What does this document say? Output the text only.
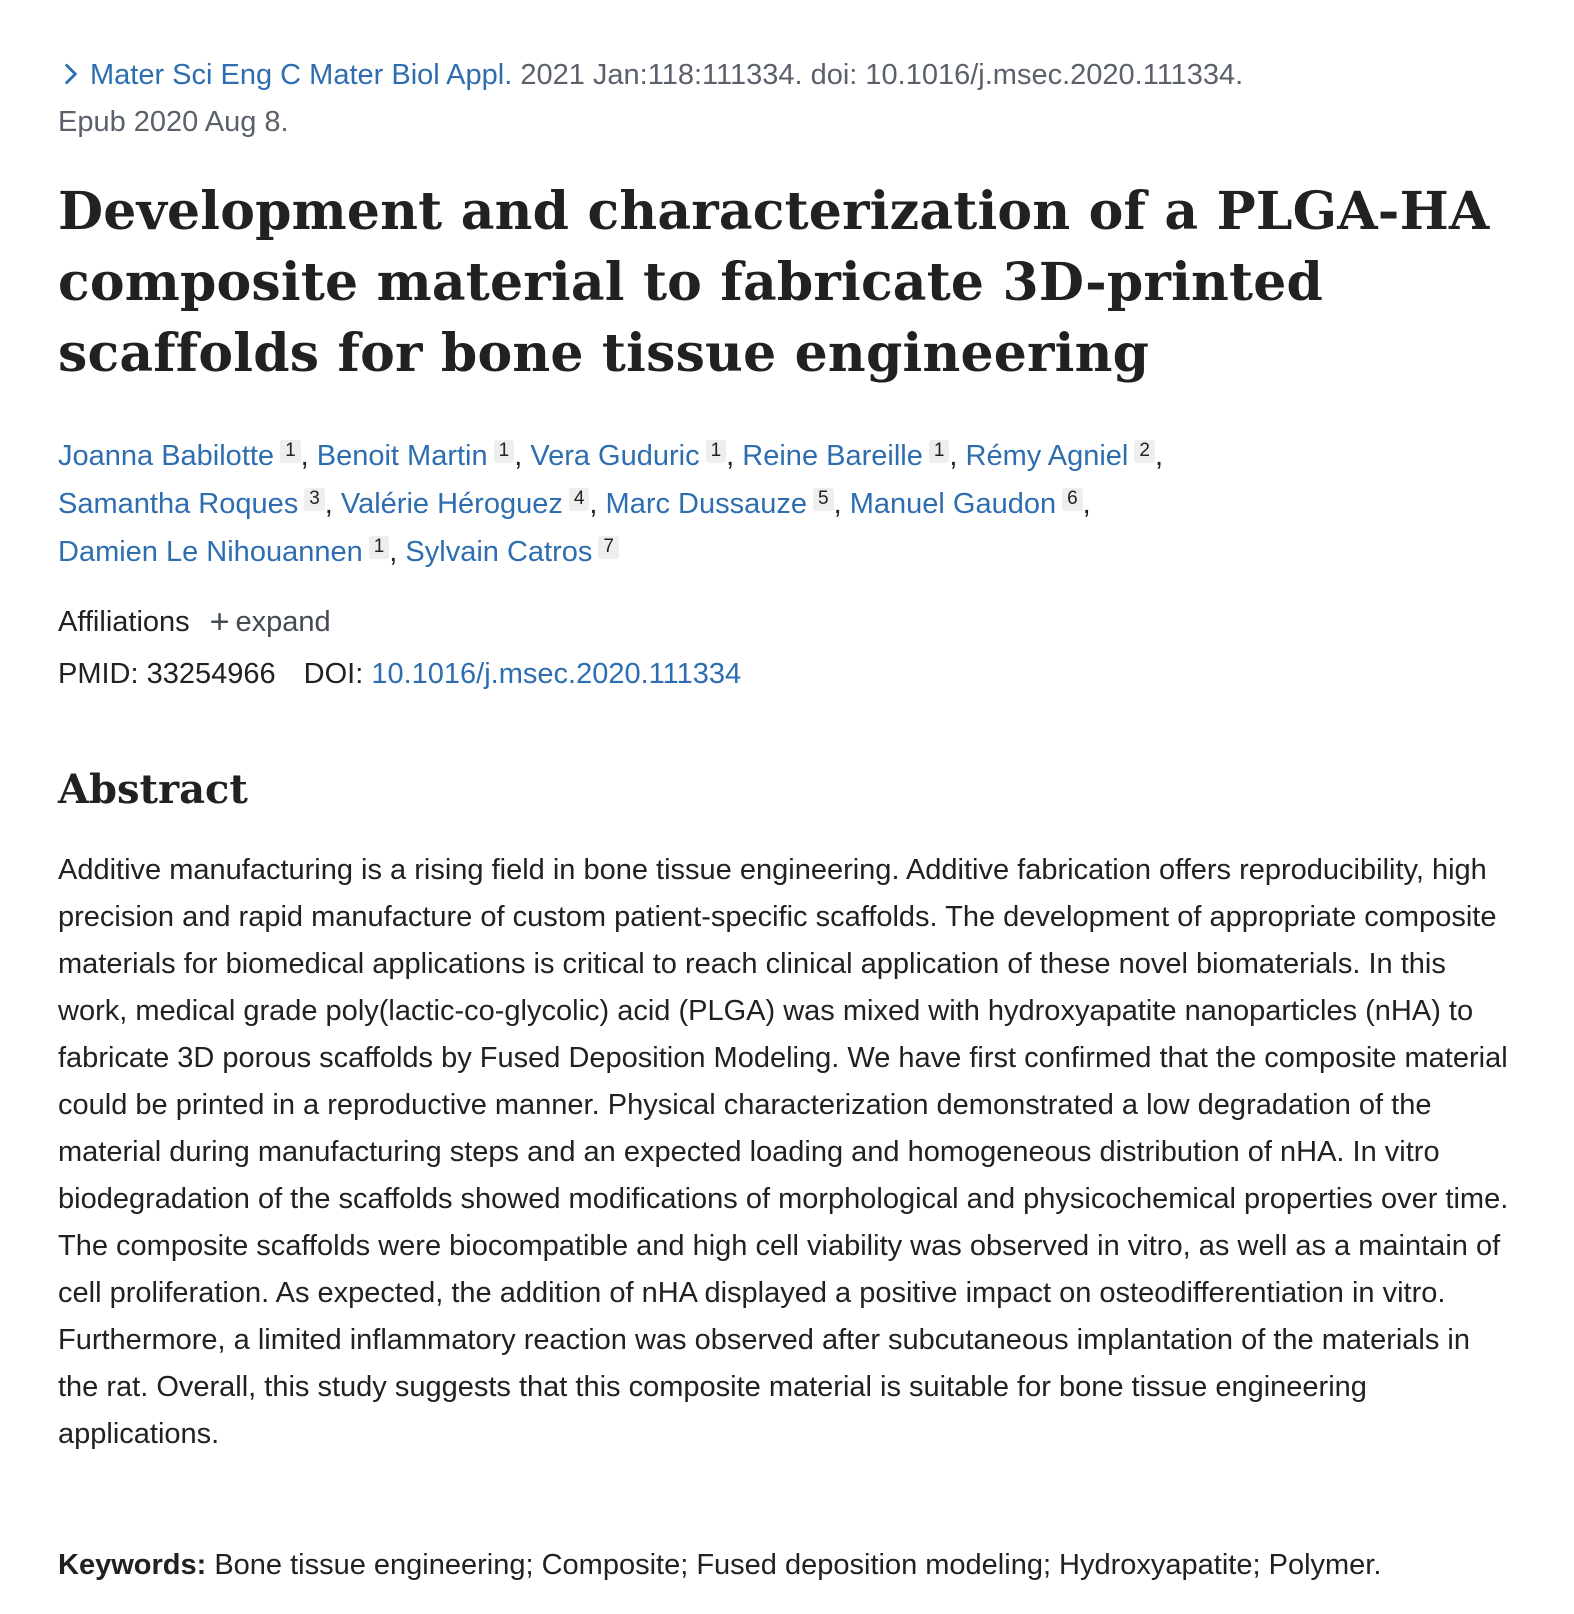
Mater Sci Eng C Mater Biol Appl. 2021 Jan:118:111334. doi: 10.1016/j.msec.2020.111334.
Epub 2020 Aug 8.
Development and characterization of a PLGA-HA composite material to fabricate 3D-printed scaffolds for bone tissue engineering
Joanna Babilotte 1 , Benoit Martin 1 , Vera Guduric 1 , Reine Bareille 1 , Rémy Agniel 2 ,
Samantha Roques 3 , Valérie Héroguez 4 , Marc Dussauze 5 , Manuel Gaudon 6 ,
Damien Le Nihouannen 1 , Sylvain Catros 7
Affiliations + expand
PMID: 33254966 DOI: 10.1016/j.msec.2020.111334
Abstract

Additive manufacturing is a rising field in bone tissue engineering. Additive fabrication offers reproducibility, high precision and rapid manufacture of custom patient-specific scaffolds. The development of appropriate composite materials for biomedical applications is critical to reach clinical application of these novel biomaterials. In this work, medical grade poly(lactic-co-glycolic) acid (PLGA) was mixed with hydroxyapatite nanoparticles (nHA) to fabricate 3D porous scaffolds by Fused Deposition Modeling. We have first confirmed that the composite material could be printed in a reproductive manner. Physical characterization demonstrated a low degradation of the material during manufacturing steps and an expected loading and homogeneous distribution of nHA. In vitro biodegradation of the scaffolds showed modifications of morphological and physicochemical properties over time. The composite scaffolds were biocompatible and high cell viability was observed in vitro, as well as a maintain of cell proliferation. As expected, the addition of nHA displayed a positive impact on osteodifferentiation in vitro. Furthermore, a limited inflammatory reaction was observed after subcutaneous implantation of the materials in the rat. Overall, this study suggests that this composite material is suitable for bone tissue engineering applications.

Keywords: Bone tissue engineering; Composite; Fused deposition modeling; Hydroxyapatite; Polymer.
